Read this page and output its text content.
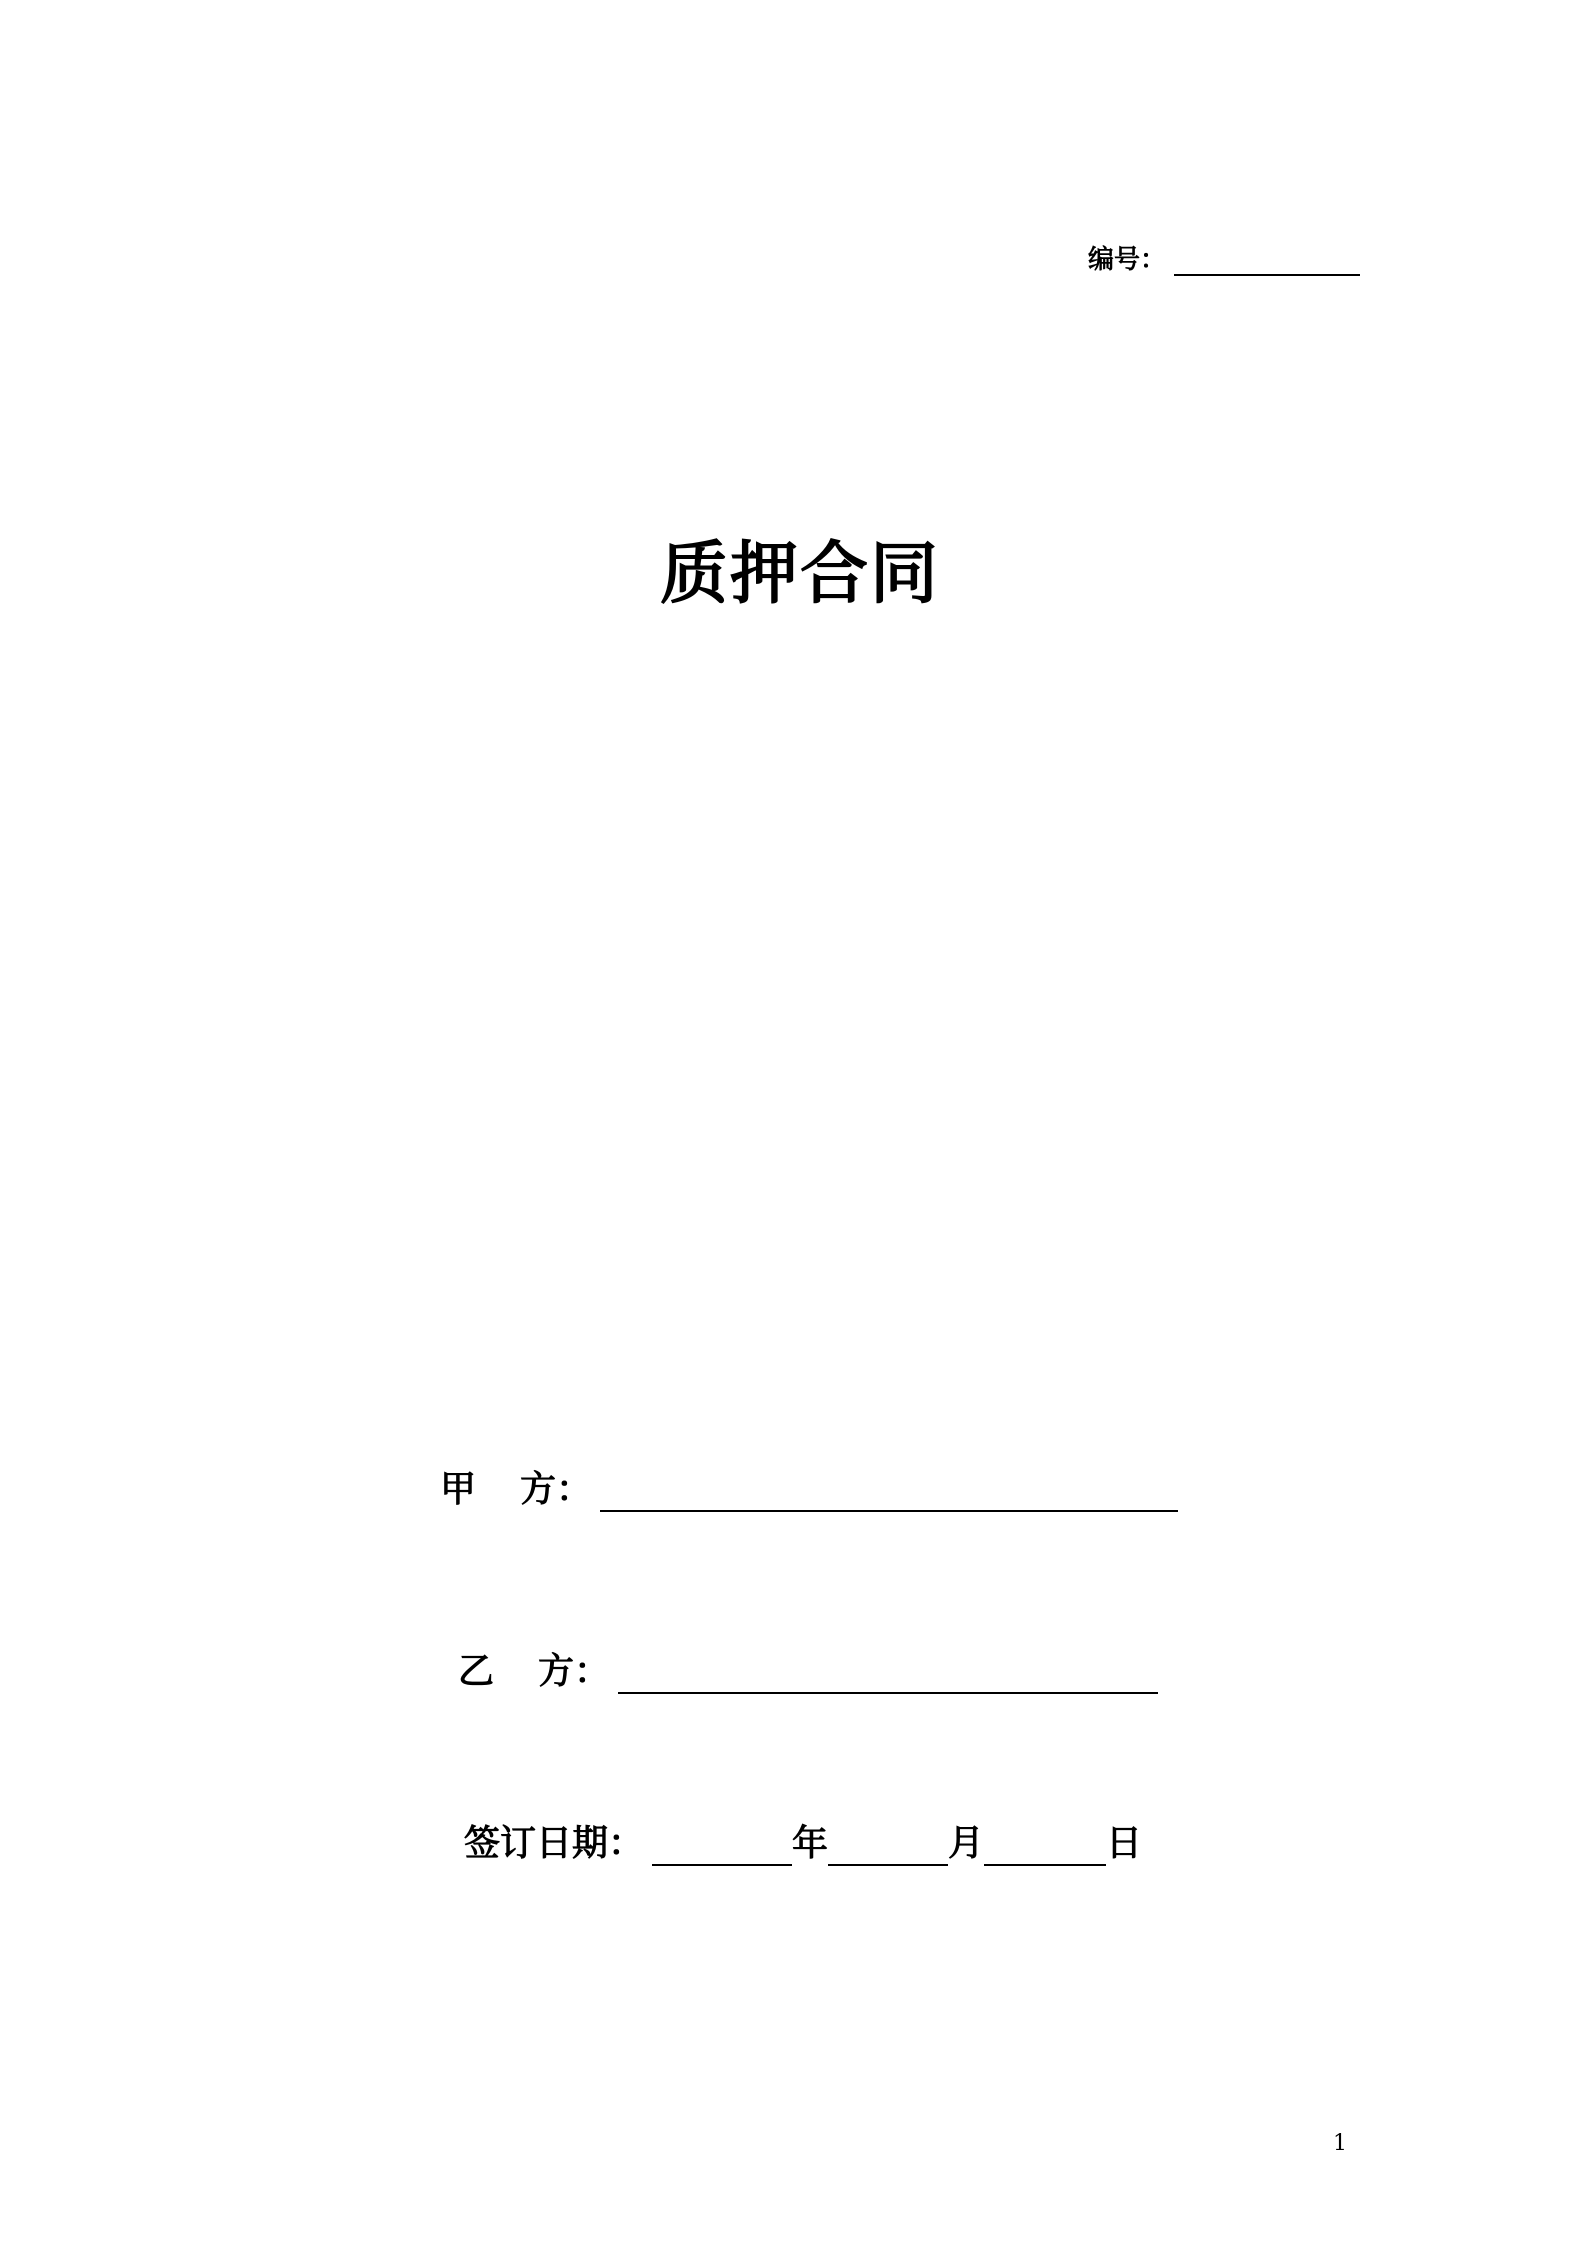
编号：
质押合同
甲 方：
乙 方：
签订日期：	年	月	日
1
